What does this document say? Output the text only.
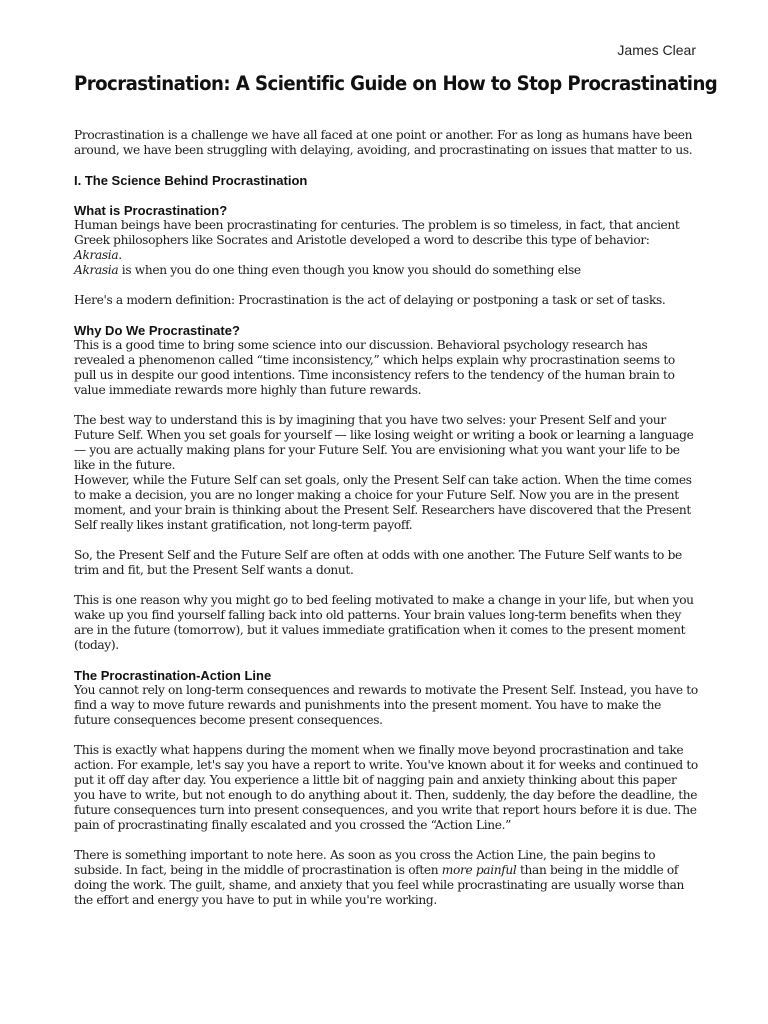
James Clear
Procrastination: A Scientific Guide on How to Stop Procrastinating

Procrastination is a challenge we have all faced at one point or another. For as long as humans have been around, we have been struggling with delaying, avoiding, and procrastinating on issues that matter to us.

I. The Science Behind Procrastination
What is Procrastination?

Human beings have been procrastinating for centuries. The problem is so timeless, in fact, that ancient Greek philosophers like Socrates and Aristotle developed a word to describe this type of behavior: Akrasia.

Akrasia is when you do one thing even though you know you should do something else

Here's a modern definition: Procrastination is the act of delaying or postponing a task or set of tasks.

Why Do We Procrastinate?

This is a good time to bring some science into our discussion. Behavioral psychology research has revealed a phenomenon called “time inconsistency,” which helps explain why procrastination seems to pull us in despite our good intentions. Time inconsistency refers to the tendency of the human brain to value immediate rewards more highly than future rewards.

The best way to understand this is by imagining that you have two selves: your Present Self and your Future Self. When you set goals for yourself — like losing weight or writing a book or learning a language — you are actually making plans for your Future Self. You are envisioning what you want your life to be like in the future.

However, while the Future Self can set goals, only the Present Self can take action. When the time comes to make a decision, you are no longer making a choice for your Future Self. Now you are in the present moment, and your brain is thinking about the Present Self. Researchers have discovered that the Present Self really likes instant gratification, not long-term payoff.

So, the Present Self and the Future Self are often at odds with one another. The Future Self wants to be trim and fit, but the Present Self wants a donut.

This is one reason why you might go to bed feeling motivated to make a change in your life, but when you wake up you find yourself falling back into old patterns. Your brain values long-term benefits when they are in the future (tomorrow), but it values immediate gratification when it comes to the present moment (today).

The Procrastination-Action Line

You cannot rely on long-term consequences and rewards to motivate the Present Self. Instead, you have to find a way to move future rewards and punishments into the present moment. You have to make the future consequences become present consequences.

This is exactly what happens during the moment when we finally move beyond procrastination and take action. For example, let's say you have a report to write. You've known about it for weeks and continued to put it off day after day. You experience a little bit of nagging pain and anxiety thinking about this paper you have to write, but not enough to do anything about it. Then, suddenly, the day before the deadline, the future consequences turn into present consequences, and you write that report hours before it is due. The pain of procrastinating finally escalated and you crossed the “Action Line.”

There is something important to note here. As soon as you cross the Action Line, the pain begins to subside. In fact, being in the middle of procrastination is often more painful than being in the middle of doing the work. The guilt, shame, and anxiety that you feel while procrastinating are usually worse than the effort and energy you have to put in while you're working.
